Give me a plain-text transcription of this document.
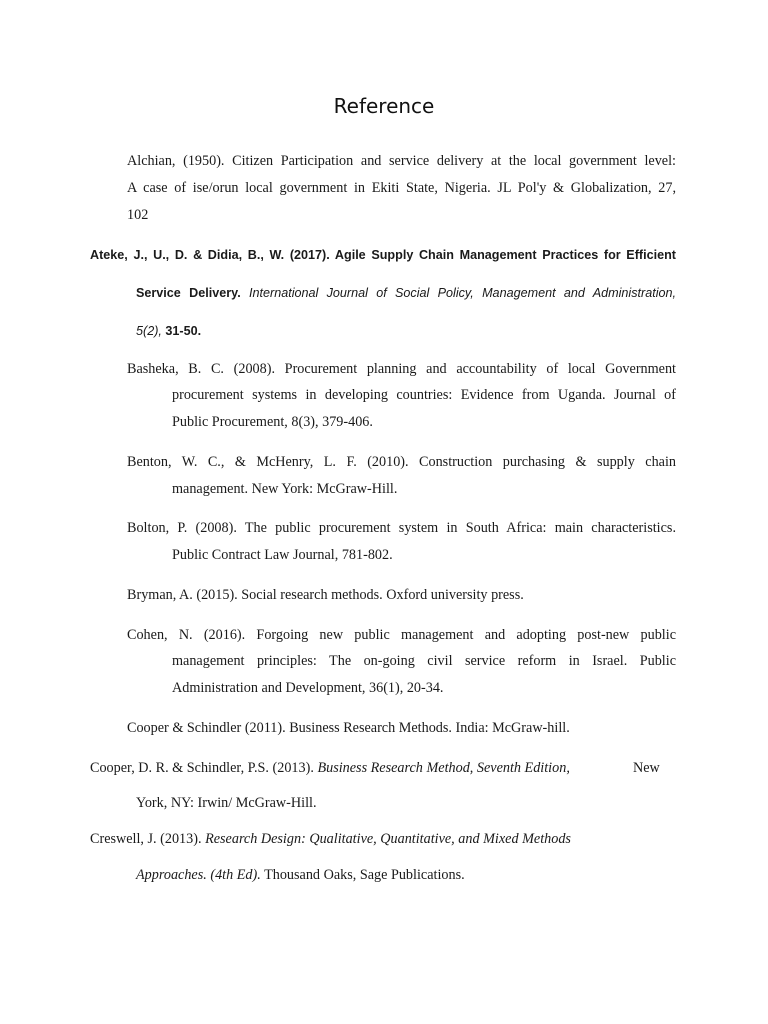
Reference
Alchian, (1950). Citizen Participation and service delivery at the local government level:
A case of ise/orun local government in Ekiti State, Nigeria. JL Pol'y & Globalization, 27,
102
Ateke, J., U., D. & Didia, B., W. (2017). Agile Supply Chain Management Practices for Efficient
Service Delivery. International Journal of Social Policy, Management and Administration,
5(2), 31-50.
Basheka, B. C. (2008). Procurement planning and accountability of local Government
procurement systems in developing countries: Evidence from Uganda. Journal of
Public Procurement, 8(3), 379-406.
Benton, W. C., & McHenry, L. F. (2010). Construction purchasing & supply chain
management. New York: McGraw-Hill.
Bolton, P. (2008). The public procurement system in South Africa: main characteristics.
Public Contract Law Journal, 781-802.
Bryman, A. (2015). Social research methods. Oxford university press.
Cohen, N. (2016). Forgoing new public management and adopting post-new public
management principles: The on-going civil service reform in Israel. Public
Administration and Development, 36(1), 20-34.
Cooper & Schindler (2011). Business Research Methods. India: McGraw-hill.
Cooper, D. R. & Schindler, P.S. (2013). Business Research Method, Seventh Edition,	New
York, NY: Irwin/ McGraw-Hill.
Creswell, J. (2013). Research Design: Qualitative, Quantitative, and Mixed Methods
Approaches. (4th Ed). Thousand Oaks, Sage Publications.
